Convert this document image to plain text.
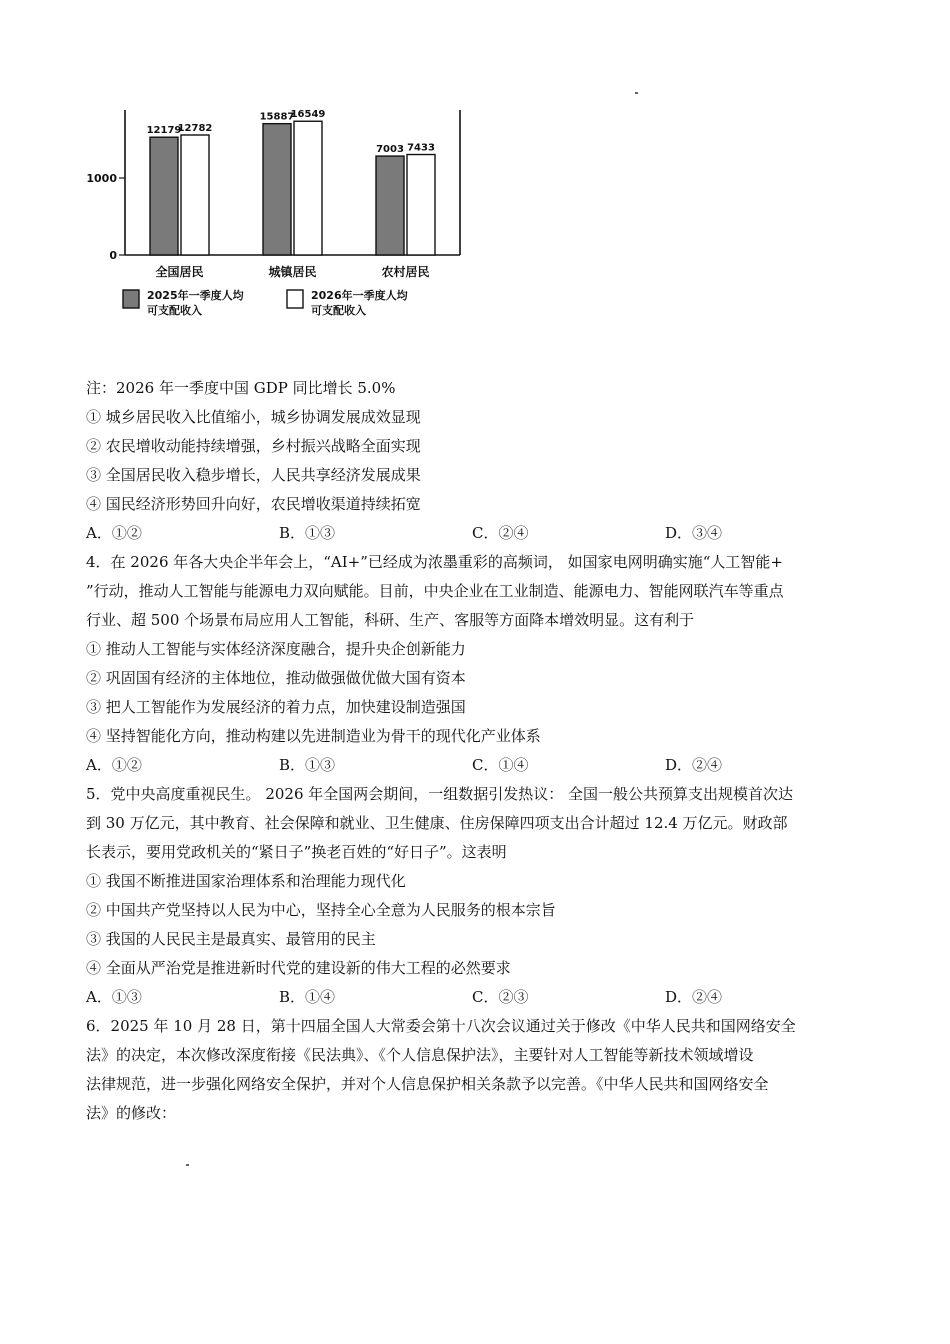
1000
0
12179
12782
全国居民
15887
16549
城镇居民
7003 7433
农村居民
2025年一季度人均
可支配收入
2026年一季度人均
可支配收入
注：2026 年一季度中国 GDP 同比增长 5.0%
① 城乡居民收入比值缩小，城乡协调发展成效显现
② 农民增收动能持续增强，乡村振兴战略全面实现
③ 全国居民收入稳步增长，人民共享经济发展成果
④ 国民经济形势回升向好，农民增收渠道持续拓宽
A．①②	B．①③	C．②④	D．③④
4．在 2026 年各大央企半年会上，“AI+”已经成为浓墨重彩的高频词， 如国家电网明确实施“人工智能+
”行动，推动人工智能与能源电力双向赋能。目前，中央企业在工业制造、能源电力、智能网联汽车等重点
行业、超 500 个场景布局应用人工智能，科研、生产、客服等方面降本增效明显。这有利于
① 推动人工智能与实体经济深度融合，提升央企创新能力
② 巩固国有经济的主体地位，推动做强做优做大国有资本
③ 把人工智能作为发展经济的着力点，加快建设制造强国
④ 坚持智能化方向，推动构建以先进制造业为骨干的现代化产业体系
A．①②	B．①③	C．①④	D．②④
5．党中央高度重视民生。 2026 年全国两会期间，一组数据引发热议： 全国一般公共预算支出规模首次达
到 30 万亿元，其中教育、社会保障和就业、卫生健康、住房保障四项支出合计超过 12.4 万亿元。财政部
长表示，要用党政机关的“紧日子”换老百姓的“好日子”。这表明
① 我国不断推进国家治理体系和治理能力现代化
② 中国共产党坚持以人民为中心，坚持全心全意为人民服务的根本宗旨
③ 我国的人民民主是最真实、最管用的民主
④ 全面从严治党是推进新时代党的建设新的伟大工程的必然要求
A．①③	B．①④	C．②③	D．②④
6．2025 年 10 月 28 日，第十四届全国人大常委会第十八次会议通过关于修改《中华人民共和国网络安全
法》的决定，本次修改深度衔接《民法典》、《个人信息保护法》，主要针对人工智能等新技术领域增设
法律规范，进一步强化网络安全保护，并对个人信息保护相关条款予以完善。《中华人民共和国网络安全
法》的修改：
